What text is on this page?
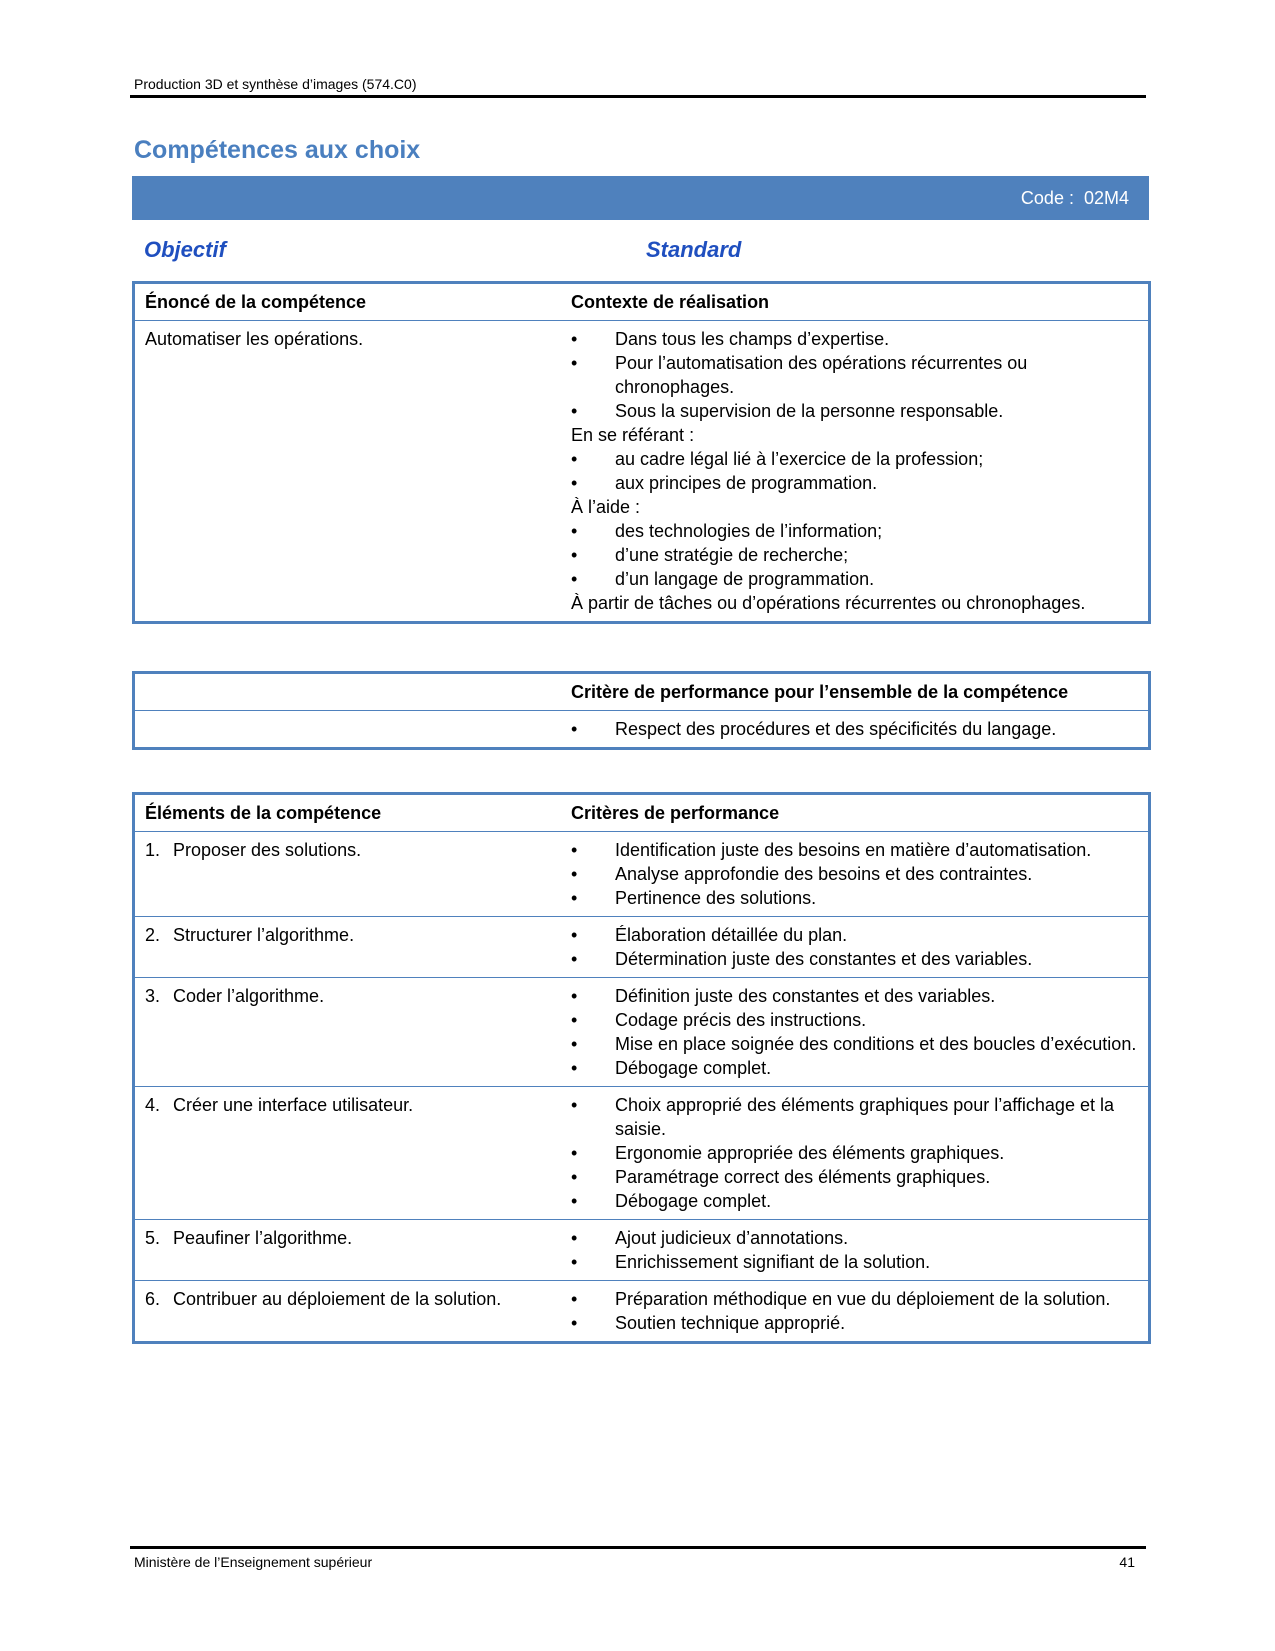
Production 3D et synthèse d’images (574.C0)
Compétences aux choix
Code : 02M4
Objectif	Standard
Énoncé de la compétence	Contexte de réalisation
Automatiser les opérations.	• Dans tous les champs d’expertise.
• Pour l’automatisation des opérations récurrentes ou chronophages.
• Sous la supervision de la personne responsable.
En se référant :
• au cadre légal lié à l’exercice de la profession;
• aux principes de programmation.
À l’aide :
• des technologies de l’information;
• d’une stratégie de recherche;
• d’un langage de programmation.
À partir de tâches ou d’opérations récurrentes ou chronophages.
Critère de performance pour l’ensemble de la compétence
• Respect des procédures et des spécificités du langage.
Éléments de la compétence	Critères de performance
1. Proposer des solutions.	• Identification juste des besoins en matière d’automatisation.
• Analyse approfondie des besoins et des contraintes.
• Pertinence des solutions.
2. Structurer l’algorithme.	• Élaboration détaillée du plan.
• Détermination juste des constantes et des variables.
3. Coder l’algorithme.	• Définition juste des constantes et des variables.
• Codage précis des instructions.
• Mise en place soignée des conditions et des boucles d’exécution.
• Débogage complet.
4. Créer une interface utilisateur.	• Choix approprié des éléments graphiques pour l’affichage et la saisie.
• Ergonomie appropriée des éléments graphiques.
• Paramétrage correct des éléments graphiques.
• Débogage complet.
5. Peaufiner l’algorithme.	• Ajout judicieux d’annotations.
• Enrichissement signifiant de la solution.
6. Contribuer au déploiement de la solution.	• Préparation méthodique en vue du déploiement de la solution.
• Soutien technique approprié.
Ministère de l’Enseignement supérieur	41
